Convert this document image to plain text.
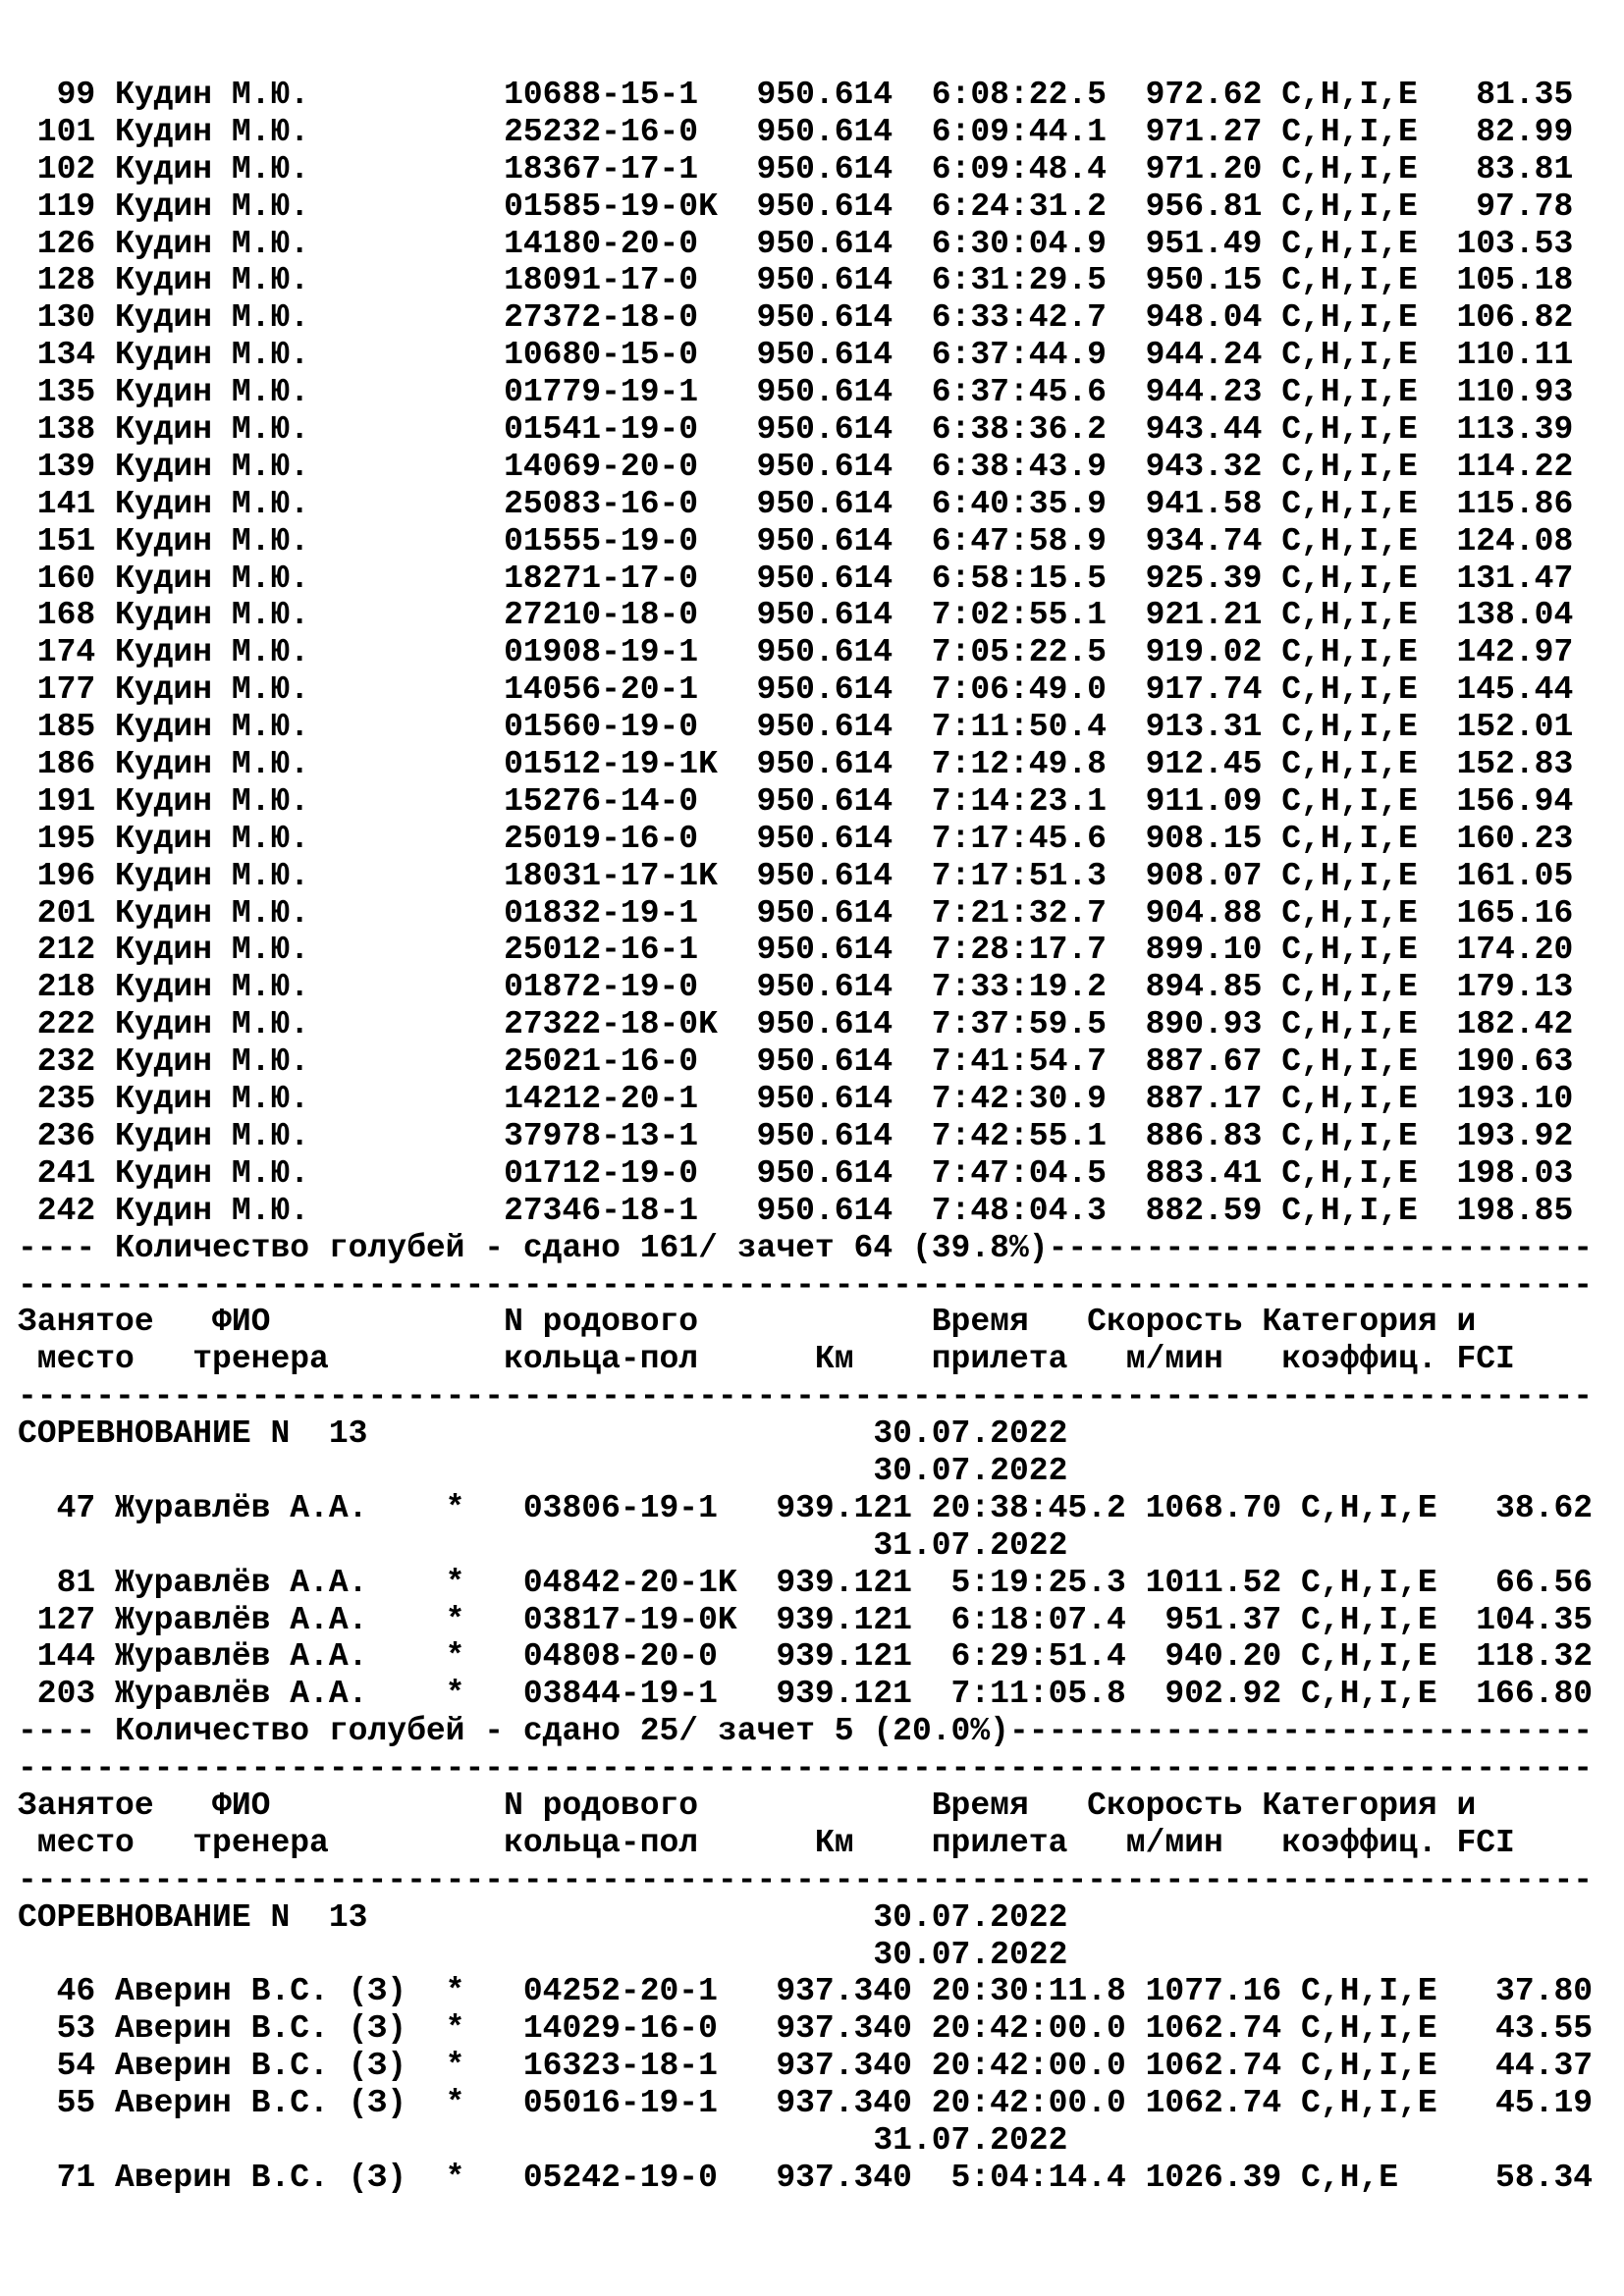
99 Кудин М.Ю.          10688-15-1   950.614  6:08:22.5  972.62 C,H,I,E   81.35
101 Кудин М.Ю.          25232-16-0   950.614  6:09:44.1  971.27 C,H,I,E   82.99
102 Кудин М.Ю.          18367-17-1   950.614  6:09:48.4  971.20 C,H,I,E   83.81
119 Кудин М.Ю.          01585-19-0K  950.614  6:24:31.2  956.81 C,H,I,E   97.78
126 Кудин М.Ю.          14180-20-0   950.614  6:30:04.9  951.49 C,H,I,E  103.53
128 Кудин М.Ю.          18091-17-0   950.614  6:31:29.5  950.15 C,H,I,E  105.18
130 Кудин М.Ю.          27372-18-0   950.614  6:33:42.7  948.04 C,H,I,E  106.82
134 Кудин М.Ю.          10680-15-0   950.614  6:37:44.9  944.24 C,H,I,E  110.11
135 Кудин М.Ю.          01779-19-1   950.614  6:37:45.6  944.23 C,H,I,E  110.93
138 Кудин М.Ю.          01541-19-0   950.614  6:38:36.2  943.44 C,H,I,E  113.39
139 Кудин М.Ю.          14069-20-0   950.614  6:38:43.9  943.32 C,H,I,E  114.22
141 Кудин М.Ю.          25083-16-0   950.614  6:40:35.9  941.58 C,H,I,E  115.86
151 Кудин М.Ю.          01555-19-0   950.614  6:47:58.9  934.74 C,H,I,E  124.08
160 Кудин М.Ю.          18271-17-0   950.614  6:58:15.5  925.39 C,H,I,E  131.47
168 Кудин М.Ю.          27210-18-0   950.614  7:02:55.1  921.21 C,H,I,E  138.04
174 Кудин М.Ю.          01908-19-1   950.614  7:05:22.5  919.02 C,H,I,E  142.97
177 Кудин М.Ю.          14056-20-1   950.614  7:06:49.0  917.74 C,H,I,E  145.44
185 Кудин М.Ю.          01560-19-0   950.614  7:11:50.4  913.31 C,H,I,E  152.01
186 Кудин М.Ю.          01512-19-1K  950.614  7:12:49.8  912.45 C,H,I,E  152.83
191 Кудин М.Ю.          15276-14-0   950.614  7:14:23.1  911.09 C,H,I,E  156.94
195 Кудин М.Ю.          25019-16-0   950.614  7:17:45.6  908.15 C,H,I,E  160.23
196 Кудин М.Ю.          18031-17-1K  950.614  7:17:51.3  908.07 C,H,I,E  161.05
201 Кудин М.Ю.          01832-19-1   950.614  7:21:32.7  904.88 C,H,I,E  165.16
212 Кудин М.Ю.          25012-16-1   950.614  7:28:17.7  899.10 C,H,I,E  174.20
218 Кудин М.Ю.          01872-19-0   950.614  7:33:19.2  894.85 C,H,I,E  179.13
222 Кудин М.Ю.          27322-18-0K  950.614  7:37:59.5  890.93 C,H,I,E  182.42
232 Кудин М.Ю.          25021-16-0   950.614  7:41:54.7  887.67 C,H,I,E  190.63
235 Кудин М.Ю.          14212-20-1   950.614  7:42:30.9  887.17 C,H,I,E  193.10
236 Кудин М.Ю.          37978-13-1   950.614  7:42:55.1  886.83 C,H,I,E  193.92
241 Кудин М.Ю.          01712-19-0   950.614  7:47:04.5  883.41 C,H,I,E  198.03
242 Кудин М.Ю.          27346-18-1   950.614  7:48:04.3  882.59 C,H,I,E  198.85
---- Количество голубей - сдано 161/ зачет 64 (39.8%)----------------------------
---------------------------------------------------------------------------------
Занятое   ФИО            N родового            Время   Скорость Категория и
место   тренера         кольца-пол      Км    прилета   м/мин   коэффиц. FCI
---------------------------------------------------------------------------------
СОРЕВНОВАНИЕ N  13                          30.07.2022
30.07.2022
47 Журавлёв А.А.    *   03806-19-1   939.121 20:38:45.2 1068.70 C,H,I,E   38.62
31.07.2022
81 Журавлёв А.А.    *   04842-20-1K  939.121  5:19:25.3 1011.52 C,H,I,E   66.56
127 Журавлёв А.А.    *   03817-19-0K  939.121  6:18:07.4  951.37 C,H,I,E  104.35
144 Журавлёв А.А.    *   04808-20-0   939.121  6:29:51.4  940.20 C,H,I,E  118.32
203 Журавлёв А.А.    *   03844-19-1   939.121  7:11:05.8  902.92 C,H,I,E  166.80
---- Количество голубей - сдано 25/ зачет 5 (20.0%)------------------------------
---------------------------------------------------------------------------------
Занятое   ФИО            N родового            Время   Скорость Категория и
место   тренера         кольца-пол      Км    прилета   м/мин   коэффиц. FCI
---------------------------------------------------------------------------------
СОРЕВНОВАНИЕ N  13                          30.07.2022
30.07.2022
46 Аверин В.С. (З)  *   04252-20-1   937.340 20:30:11.8 1077.16 C,H,I,E   37.80
53 Аверин В.С. (З)  *   14029-16-0   937.340 20:42:00.0 1062.74 C,H,I,E   43.55
54 Аверин В.С. (З)  *   16323-18-1   937.340 20:42:00.0 1062.74 C,H,I,E   44.37
55 Аверин В.С. (З)  *   05016-19-1   937.340 20:42:00.0 1062.74 C,H,I,E   45.19
31.07.2022
71 Аверин В.С. (З)  *   05242-19-0   937.340  5:04:14.4 1026.39 C,H,E     58.34
